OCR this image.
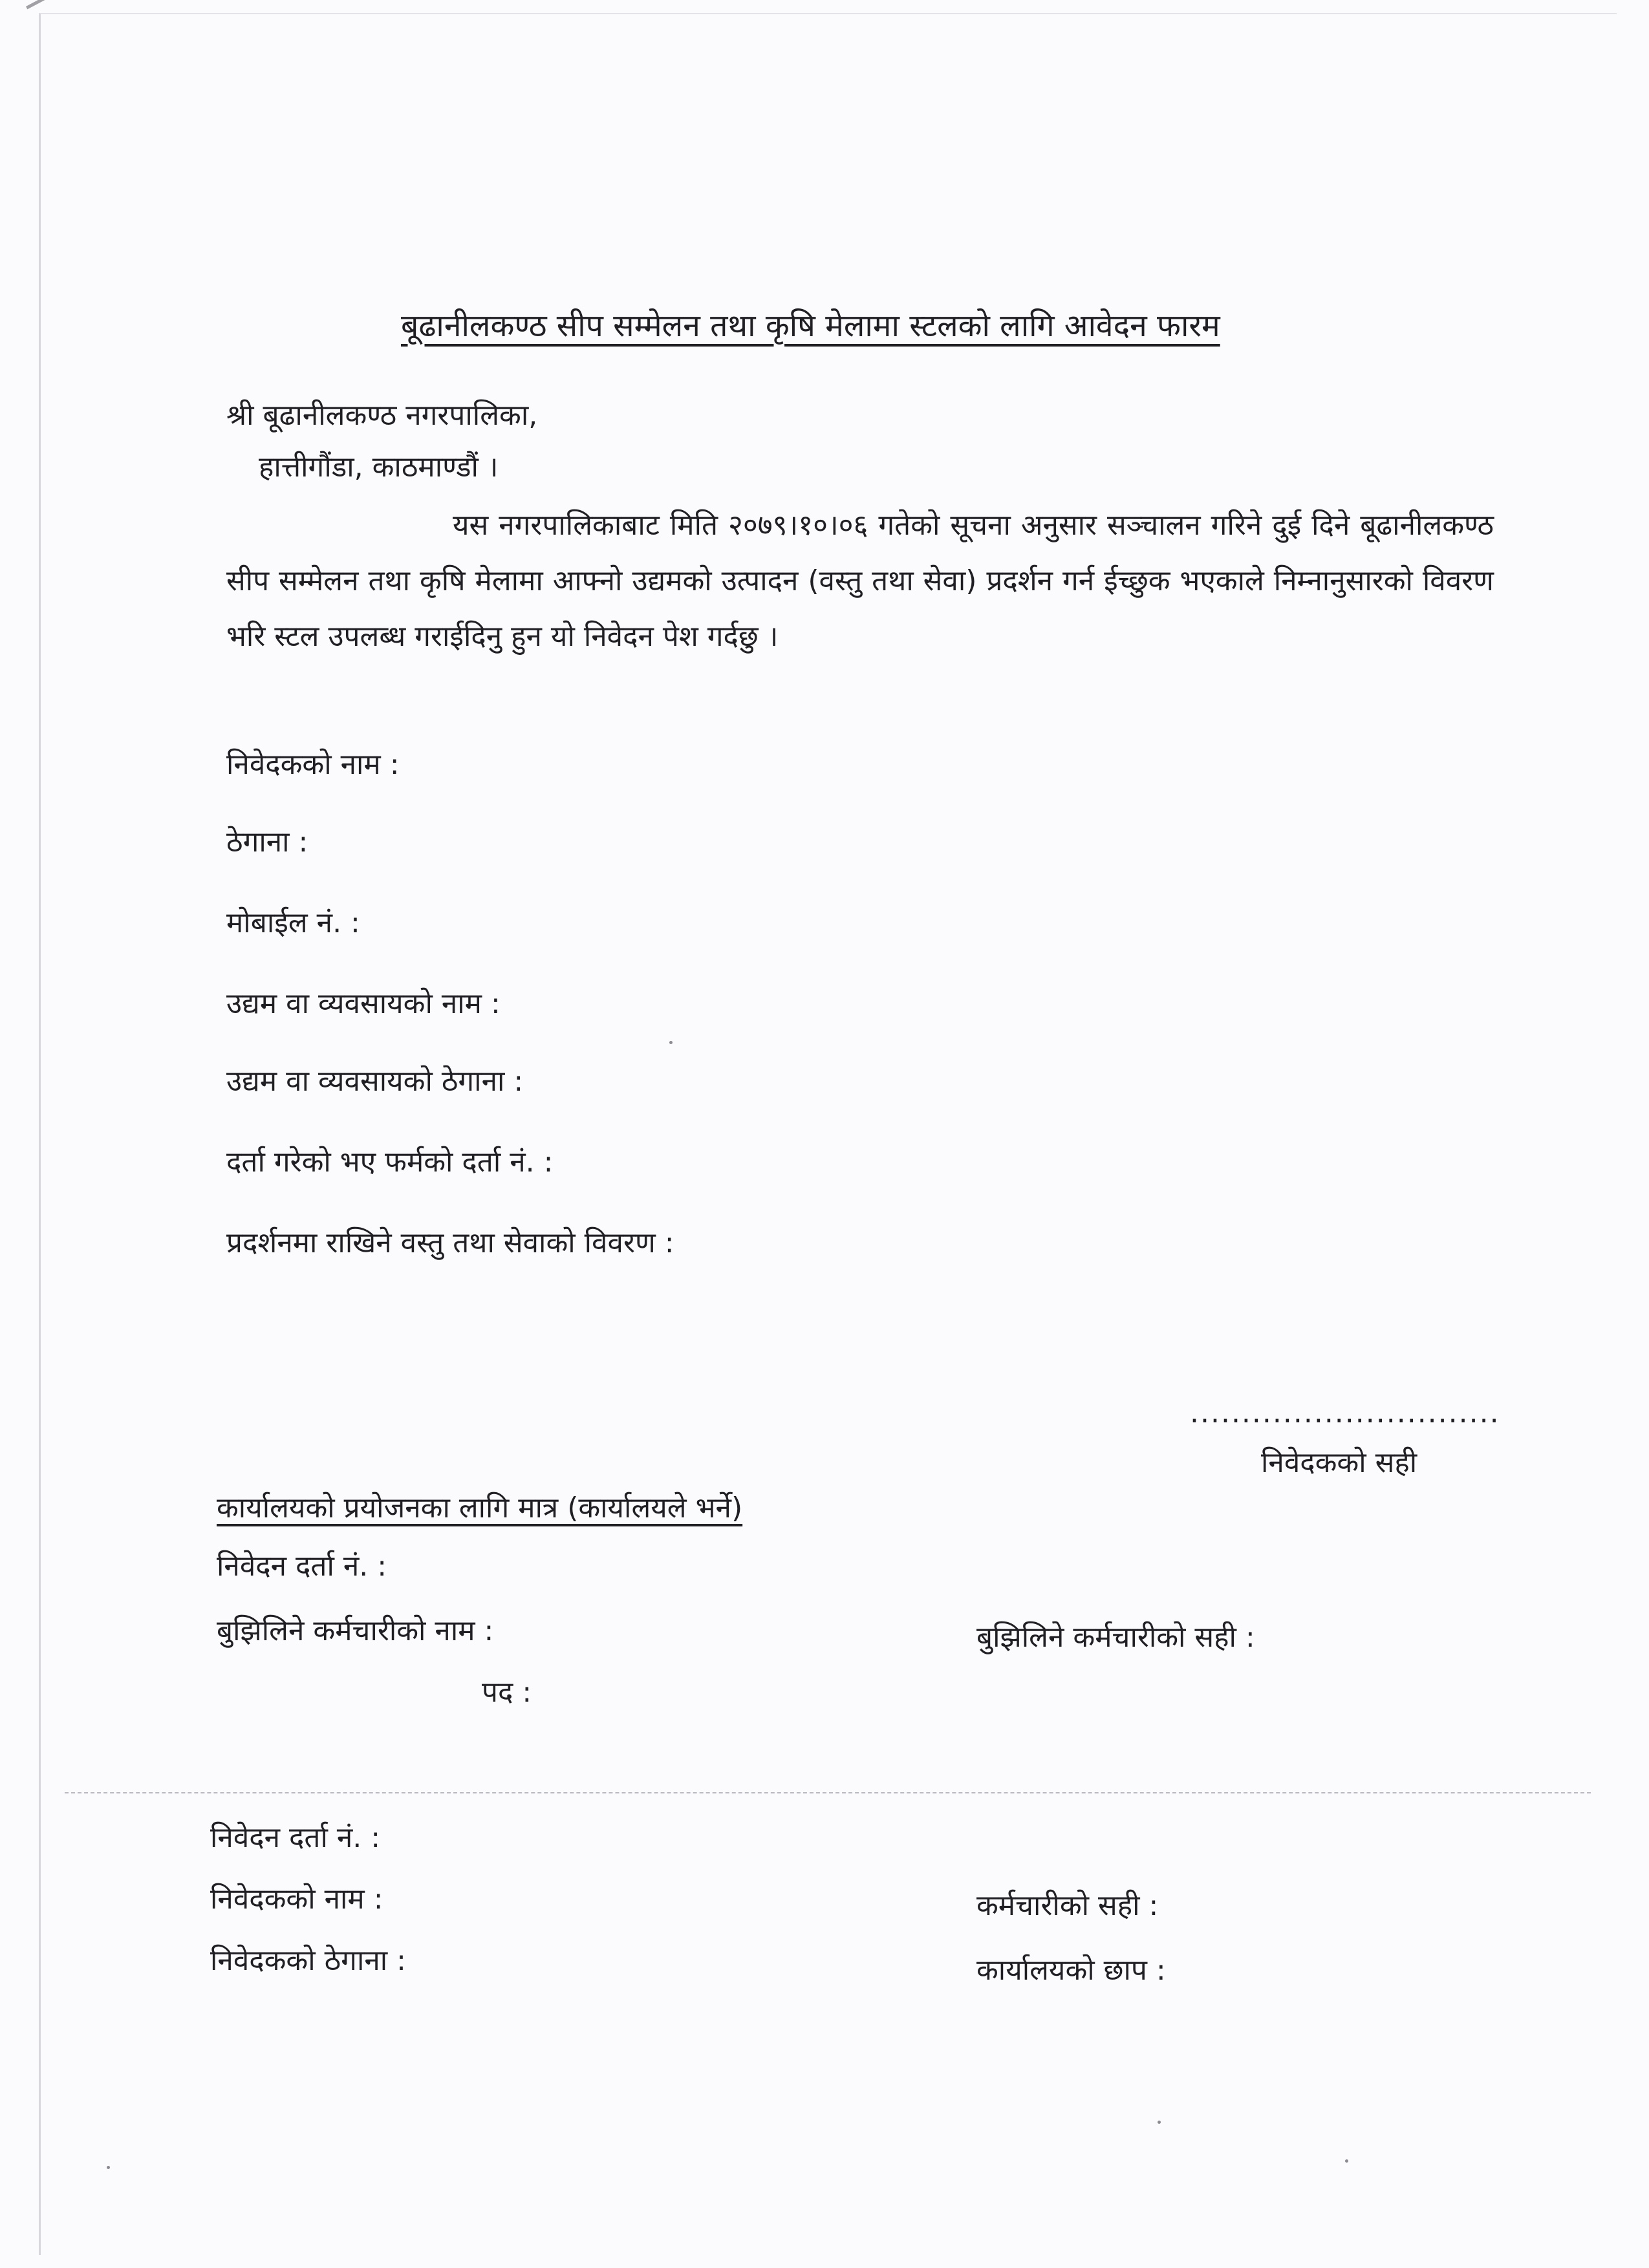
बूढानीलकण्ठ सीप सम्मेलन तथा कृषि मेलामा स्टलको लागि आवेदन फारम
श्री बूढानीलकण्ठ नगरपालिका,
हात्तीगौंडा, काठमाण्डौं ।
यस नगरपालिकाबाट मिति २०७९।१०।०६ गतेको सूचना अनुसार सञ्चालन गरिने दुई दिने बूढानीलकण्ठ सीप सम्मेलन तथा कृषि मेलामा आफ्नो उद्यमको उत्पादन (वस्तु तथा सेवा) प्रदर्शन गर्न ईच्छुक भएकाले निम्नानुसारको विवरण भरि स्टल उपलब्ध गराईदिनु हुन यो निवेदन पेश गर्दछु ।
निवेदकको नाम :
ठेगाना :
मोबाईल नं. :
उद्यम वा व्यवसायको नाम :
उद्यम वा व्यवसायको ठेगाना :
दर्ता गरेको भए फर्मको दर्ता नं. :
प्रदर्शनमा राखिने वस्तु तथा सेवाको विवरण :
..............................
निवेदकको सही
कार्यालयको प्रयोजनका लागि मात्र (कार्यालयले भर्ने)
निवेदन दर्ता नं. :
बुझिलिने कर्मचारीको नाम :	बुझिलिने कर्मचारीको सही :
पद :
निवेदन दर्ता नं. :
निवेदकको नाम :	कर्मचारीको सही :
निवेदकको ठेगाना :	कार्यालयको छाप :
